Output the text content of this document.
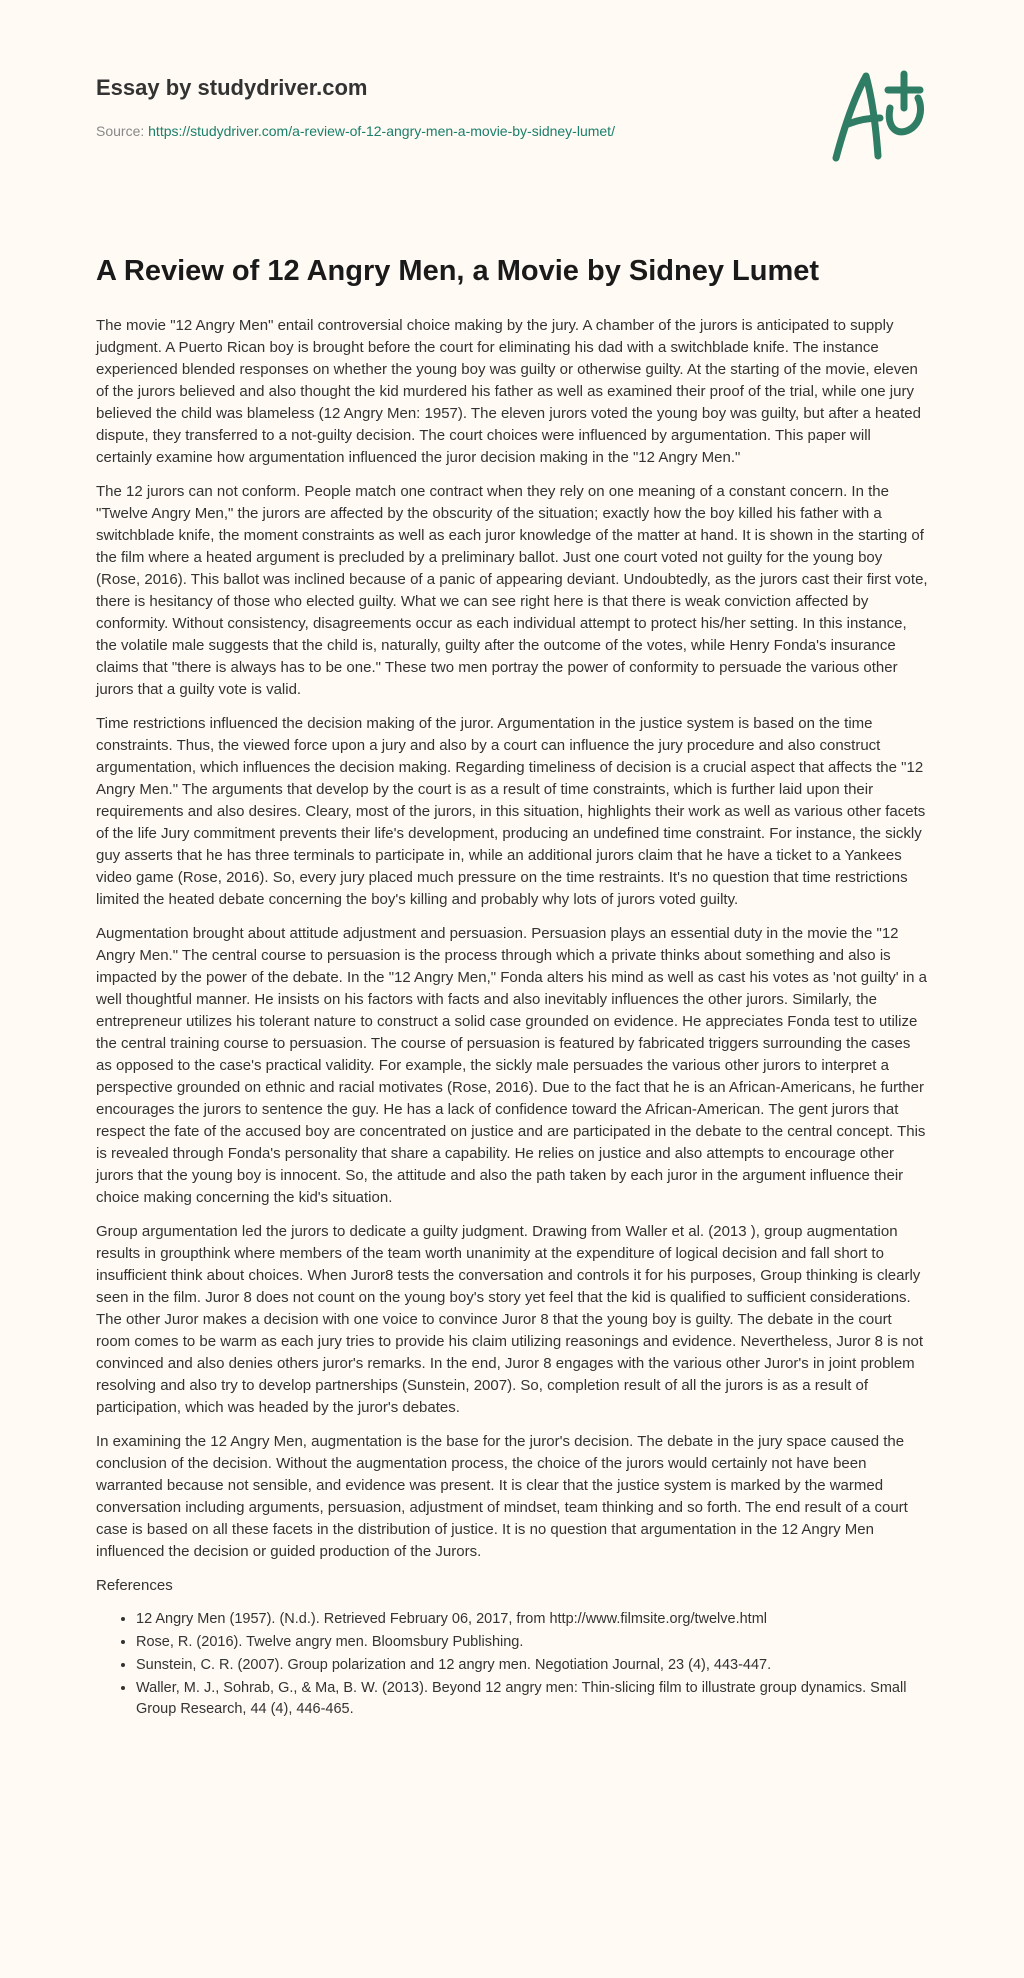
Essay by studydriver.com
Source: https://studydriver.com/a-review-of-12-angry-men-a-movie-by-sidney-lumet/
A Review of 12 Angry Men, a Movie by Sidney Lumet

The movie "12 Angry Men" entail controversial choice making by the jury. A chamber of the jurors is anticipated to supply judgment. A Puerto Rican boy is brought before the court for eliminating his dad with a switchblade knife. The instance experienced blended responses on whether the young boy was guilty or otherwise guilty. At the starting of the movie, eleven of the jurors believed and also thought the kid murdered his father as well as examined their proof of the trial, while one jury believed the child was blameless (12 Angry Men: 1957). The eleven jurors voted the young boy was guilty, but after a heated dispute, they transferred to a not-guilty decision. The court choices were influenced by argumentation. This paper will certainly examine how argumentation influenced the juror decision making in the "12 Angry Men."

The 12 jurors can not conform. People match one contract when they rely on one meaning of a constant concern. In the "Twelve Angry Men," the jurors are affected by the obscurity of the situation; exactly how the boy killed his father with a switchblade knife, the moment constraints as well as each juror knowledge of the matter at hand. It is shown in the starting of the film where a heated argument is precluded by a preliminary ballot. Just one court voted not guilty for the young boy (Rose, 2016). This ballot was inclined because of a panic of appearing deviant. Undoubtedly, as the jurors cast their first vote, there is hesitancy of those who elected guilty. What we can see right here is that there is weak conviction affected by conformity. Without consistency, disagreements occur as each individual attempt to protect his/her setting. In this instance, the volatile male suggests that the child is, naturally, guilty after the outcome of the votes, while Henry Fonda's insurance claims that "there is always has to be one." These two men portray the power of conformity to persuade the various other jurors that a guilty vote is valid.

Time restrictions influenced the decision making of the juror. Argumentation in the justice system is based on the time constraints. Thus, the viewed force upon a jury and also by a court can influence the jury procedure and also construct argumentation, which influences the decision making. Regarding timeliness of decision is a crucial aspect that affects the "12 Angry Men." The arguments that develop by the court is as a result of time constraints, which is further laid upon their requirements and also desires. Cleary, most of the jurors, in this situation, highlights their work as well as various other facets of the life Jury commitment prevents their life's development, producing an undefined time constraint. For instance, the sickly guy asserts that he has three terminals to participate in, while an additional jurors claim that he have a ticket to a Yankees video game (Rose, 2016). So, every jury placed much pressure on the time restraints. It's no question that time restrictions limited the heated debate concerning the boy's killing and probably why lots of jurors voted guilty.

Augmentation brought about attitude adjustment and persuasion. Persuasion plays an essential duty in the movie the "12 Angry Men." The central course to persuasion is the process through which a private thinks about something and also is impacted by the power of the debate. In the "12 Angry Men," Fonda alters his mind as well as cast his votes as 'not guilty' in a well thoughtful manner. He insists on his factors with facts and also inevitably influences the other jurors. Similarly, the entrepreneur utilizes his tolerant nature to construct a solid case grounded on evidence. He appreciates Fonda test to utilize the central training course to persuasion. The course of persuasion is featured by fabricated triggers surrounding the cases as opposed to the case's practical validity. For example, the sickly male persuades the various other jurors to interpret a perspective grounded on ethnic and racial motivates (Rose, 2016). Due to the fact that he is an African-Americans, he further encourages the jurors to sentence the guy. He has a lack of confidence toward the African-American. The gent jurors that respect the fate of the accused boy are concentrated on justice and are participated in the debate to the central concept. This is revealed through Fonda's personality that share a capability. He relies on justice and also attempts to encourage other jurors that the young boy is innocent. So, the attitude and also the path taken by each juror in the argument influence their choice making concerning the kid's situation.

Group argumentation led the jurors to dedicate a guilty judgment. Drawing from Waller et al. (2013 ), group augmentation results in groupthink where members of the team worth unanimity at the expenditure of logical decision and fall short to insufficient think about choices. When Juror8 tests the conversation and controls it for his purposes, Group thinking is clearly seen in the film. Juror 8 does not count on the young boy's story yet feel that the kid is qualified to sufficient considerations. The other Juror makes a decision with one voice to convince Juror 8 that the young boy is guilty. The debate in the court room comes to be warm as each jury tries to provide his claim utilizing reasonings and evidence. Nevertheless, Juror 8 is not convinced and also denies others juror's remarks. In the end, Juror 8 engages with the various other Juror's in joint problem resolving and also try to develop partnerships (Sunstein, 2007). So, completion result of all the jurors is as a result of participation, which was headed by the juror's debates.

In examining the 12 Angry Men, augmentation is the base for the juror's decision. The debate in the jury space caused the conclusion of the decision. Without the augmentation process, the choice of the jurors would certainly not have been warranted because not sensible, and evidence was present. It is clear that the justice system is marked by the warmed conversation including arguments, persuasion, adjustment of mindset, team thinking and so forth. The end result of a court case is based on all these facets in the distribution of justice. It is no question that argumentation in the 12 Angry Men influenced the decision or guided production of the Jurors.

References

• 12 Angry Men (1957). (N.d.). Retrieved February 06, 2017, from http://www.filmsite.org/twelve.html
• Rose, R. (2016). Twelve angry men. Bloomsbury Publishing.
• Sunstein, C. R. (2007). Group polarization and 12 angry men. Negotiation Journal, 23 (4), 443-447.
• Waller, M. J., Sohrab, G., & Ma, B. W. (2013). Beyond 12 angry men: Thin-slicing film to illustrate group dynamics. Small Group Research, 44 (4), 446-465.
